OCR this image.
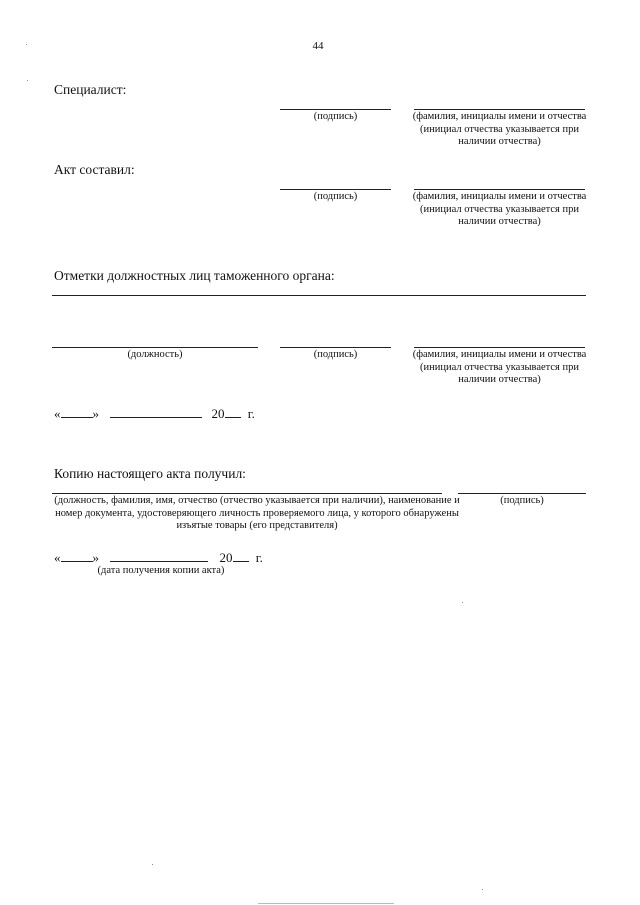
44
Специалист:
(подпись)	(фамилия, инициалы имени и отчества (инициал отчества указывается при наличии отчества)
Акт составил:
(подпись)	(фамилия, инициалы имени и отчества (инициал отчества указывается при наличии отчества)
Отметки должностных лиц таможенного органа:
(должность)	(подпись)	(фамилия, инициалы имени и отчества (инициал отчества указывается при наличии отчества)
« »	20 г.
Копию настоящего акта получил:
(должность, фамилия, имя, отчество (отчество указывается при наличии), наименование и номер документа, удостоверяющего личность проверяемого лица, у которого обнаружены изъятые товары (его представителя)
(подпись)
« »	20 г.
(дата получения копии акта)
